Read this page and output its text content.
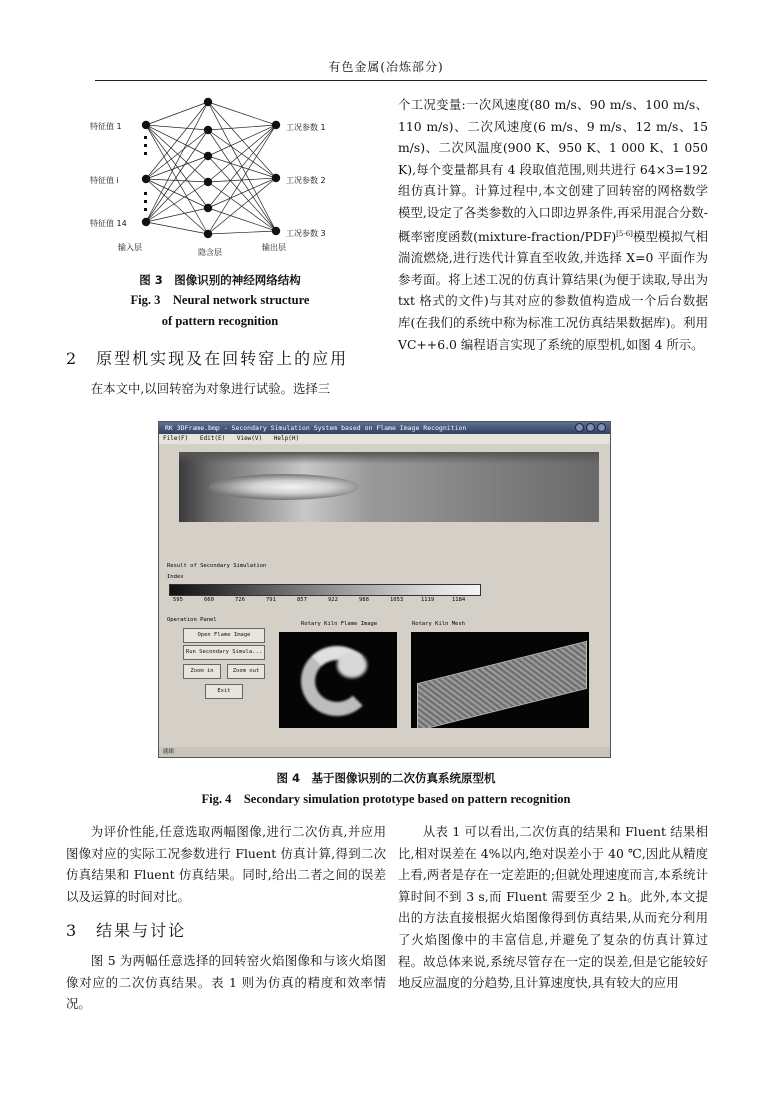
有色金属(冶炼部分)
特征值 1
特征值 i
特征值 14
工况参数 1
工况参数 2
工况参数 3
输入层
隐含层
输出层
图 3　图像识别的神经网络结构
Fig. 3　Neural network structure
of pattern recognition
2　原型机实现及在回转窑上的应用

在本文中,以回转窑为对象进行试验。选择三

个工况变量:一次风速度(80 m/s、90 m/s、100 m/s、110 m/s)、二次风速度(6 m/s、9 m/s、12 m/s、15 m/s)、二次风温度(900 K、950 K、1 000 K、1 050 K),每个变量都具有 4 段取值范围,则共进行 64×3=192 组仿真计算。计算过程中,本文创建了回转窑的网格数学模型,设定了各类参数的入口即边界条件,再采用混合分数-概率密度函数(mixture-fraction/PDF)[5-6]模型模拟气相湍流燃烧,进行迭代计算直至收敛,并选择 X=0 平面作为参考面。将上述工况的仿真计算结果(为便于读取,导出为 txt 格式的文件)与其对应的参数值构造成一个后台数据库(在我们的系统中称为标准工况仿真结果数据库)。利用 VC++6.0 编程语言实现了系统的原型机,如图 4 所示。

RK 3DFrame.bmp - Secondary Simulation System based on Flame Image Recognition
File(F) Edit(E) View(V) Help(H)
Result of Secondary Simulation
Index
595	660	726	791	857	922	988	1053	1119	1184
Operation Panel
Open Flame Image
Run Secondary Simula...
Zoom in	Zoom out
Exit
Rotary Kiln Flame Image	Rotary Kiln Mesh
就绪
图 4　基于图像识别的二次仿真系统原型机
Fig. 4　Secondary simulation prototype based on pattern recognition

为评价性能,任意选取两幅图像,进行二次仿真,并应用图像对应的实际工况参数进行 Fluent 仿真计算,得到二次仿真结果和 Fluent 仿真结果。同时,给出二者之间的误差以及运算的时间对比。

3　结果与讨论

图 5 为两幅任意选择的回转窑火焰图像和与该火焰图像对应的二次仿真结果。表 1 则为仿真的精度和效率情况。

从表 1 可以看出,二次仿真的结果和 Fluent 结果相比,相对误差在 4%以内,绝对误差小于 40 ℃,因此从精度上看,两者是存在一定差距的;但就处理速度而言,本系统计算时间不到 3 s,而 Fluent 需要至少 2 h。此外,本文提出的方法直接根据火焰图像得到仿真结果,从而充分利用了火焰图像中的丰富信息,并避免了复杂的仿真计算过程。故总体来说,系统尽管存在一定的误差,但是它能较好地反应温度的分趋势,且计算速度快,具有较大的应用
